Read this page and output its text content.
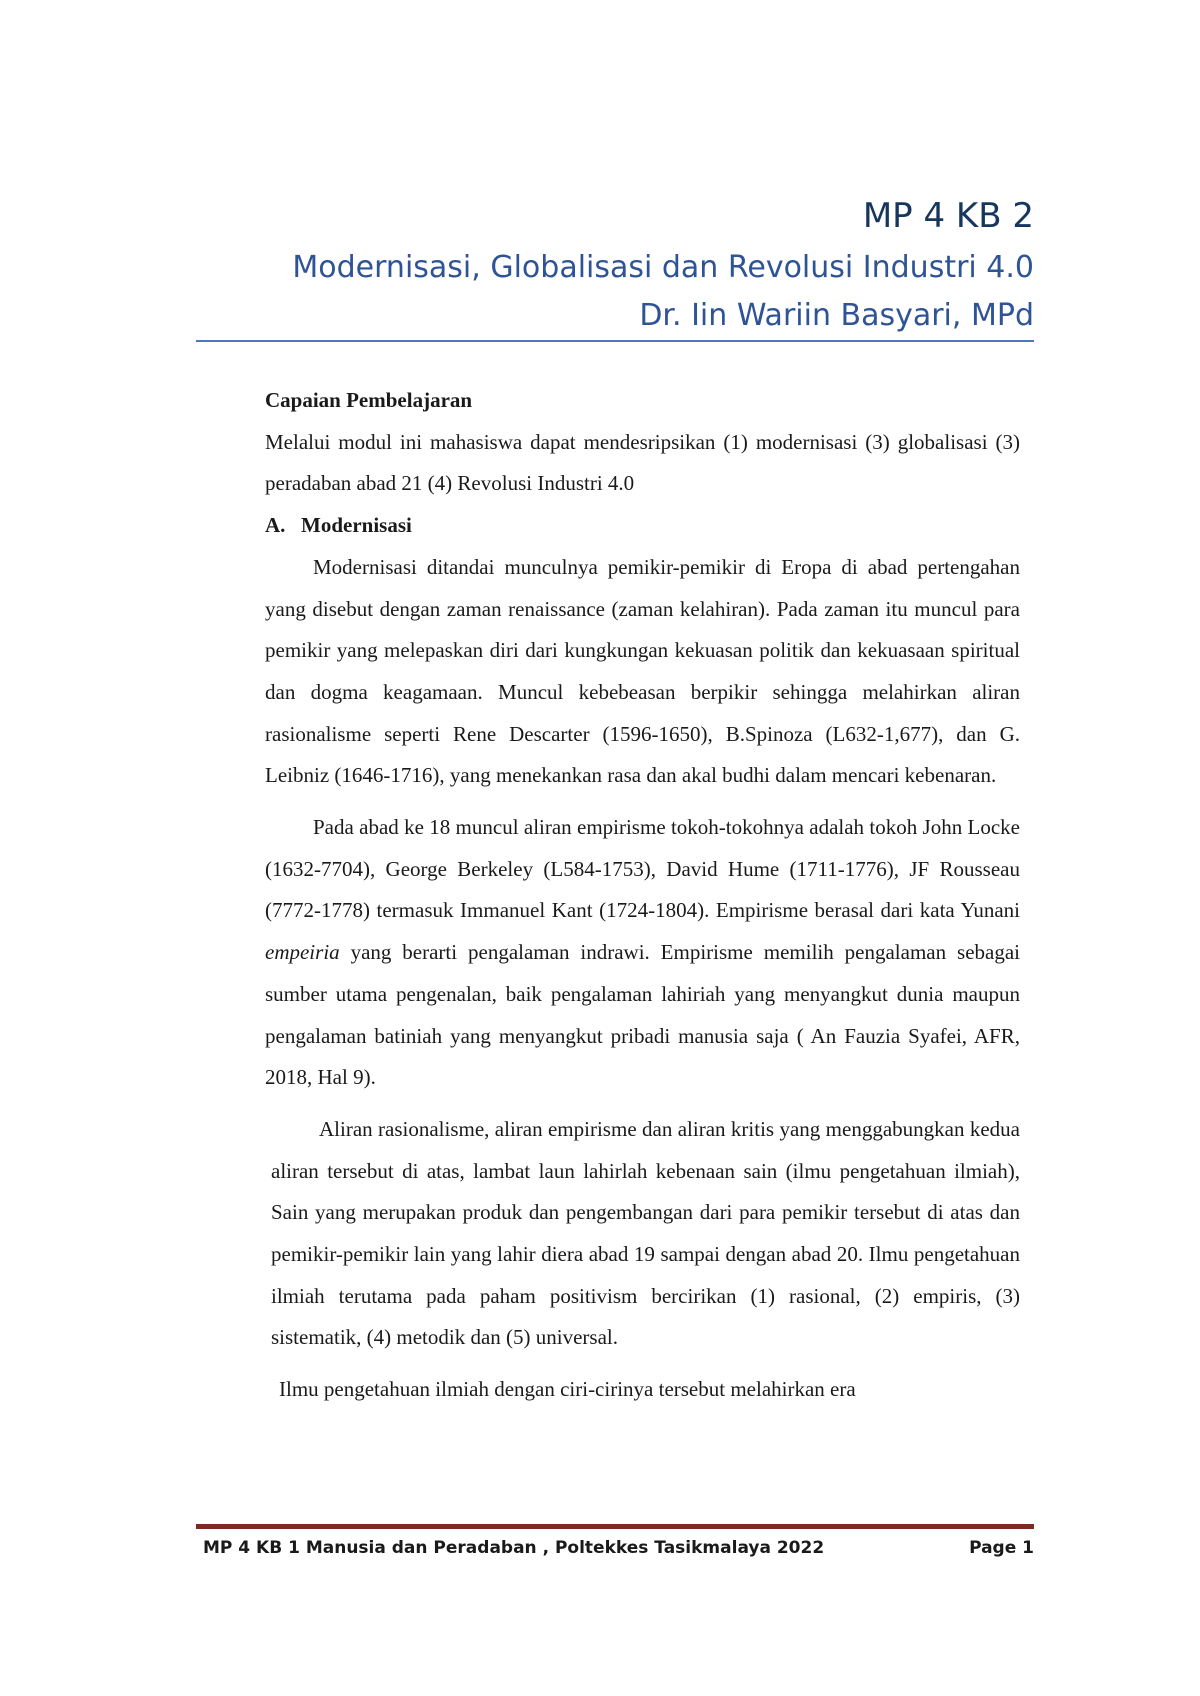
MP 4 KB 2
Modernisasi, Globalisasi dan Revolusi Industri 4.0
Dr. Iin Wariin Basyari, MPd

Capaian Pembelajaran

Melalui modul ini mahasiswa dapat mendesripsikan (1) modernisasi (3) globalisasi (3) peradaban abad 21 (4) Revolusi Industri 4.0

A. Modernisasi

Modernisasi ditandai munculnya pemikir-pemikir di Eropa di abad pertengahan yang disebut dengan zaman renaissance (zaman kelahiran). Pada zaman itu muncul para pemikir yang melepaskan diri dari kungkungan kekuasan politik dan kekuasaan spiritual dan dogma keagamaan. Muncul kebebeasan berpikir sehingga melahirkan aliran rasionalisme seperti Rene Descarter (1596-1650), B.Spinoza (L632-1,677), dan G. Leibniz (1646-1716), yang menekankan rasa dan akal budhi dalam mencari kebenaran.

Pada abad ke 18 muncul aliran empirisme tokoh-tokohnya adalah tokoh John Locke (1632-7704), George Berkeley (L584-1753), David Hume (1711-1776), JF Rousseau (7772-1778) termasuk Immanuel Kant (1724-1804). Empirisme berasal dari kata Yunani empeiria yang berarti pengalaman indrawi. Empirisme memilih pengalaman sebagai sumber utama pengenalan, baik pengalaman lahiriah yang menyangkut dunia maupun pengalaman batiniah yang menyangkut pribadi manusia saja ( An Fauzia Syafei, AFR, 2018, Hal 9).

Aliran rasionalisme, aliran empirisme dan aliran kritis yang menggabungkan kedua aliran tersebut di atas, lambat laun lahirlah kebenaan sain (ilmu pengetahuan ilmiah), Sain yang merupakan produk dan pengembangan dari para pemikir tersebut di atas dan pemikir-pemikir lain yang lahir diera abad 19 sampai dengan abad 20. Ilmu pengetahuan ilmiah terutama pada paham positivism bercirikan (1) rasional, (2) empiris, (3) sistematik, (4) metodik dan (5) universal.

Ilmu pengetahuan ilmiah dengan ciri-cirinya tersebut melahirkan era

MP 4 KB 1 Manusia dan Peradaban , Poltekkes Tasikmalaya 2022	Page 1
